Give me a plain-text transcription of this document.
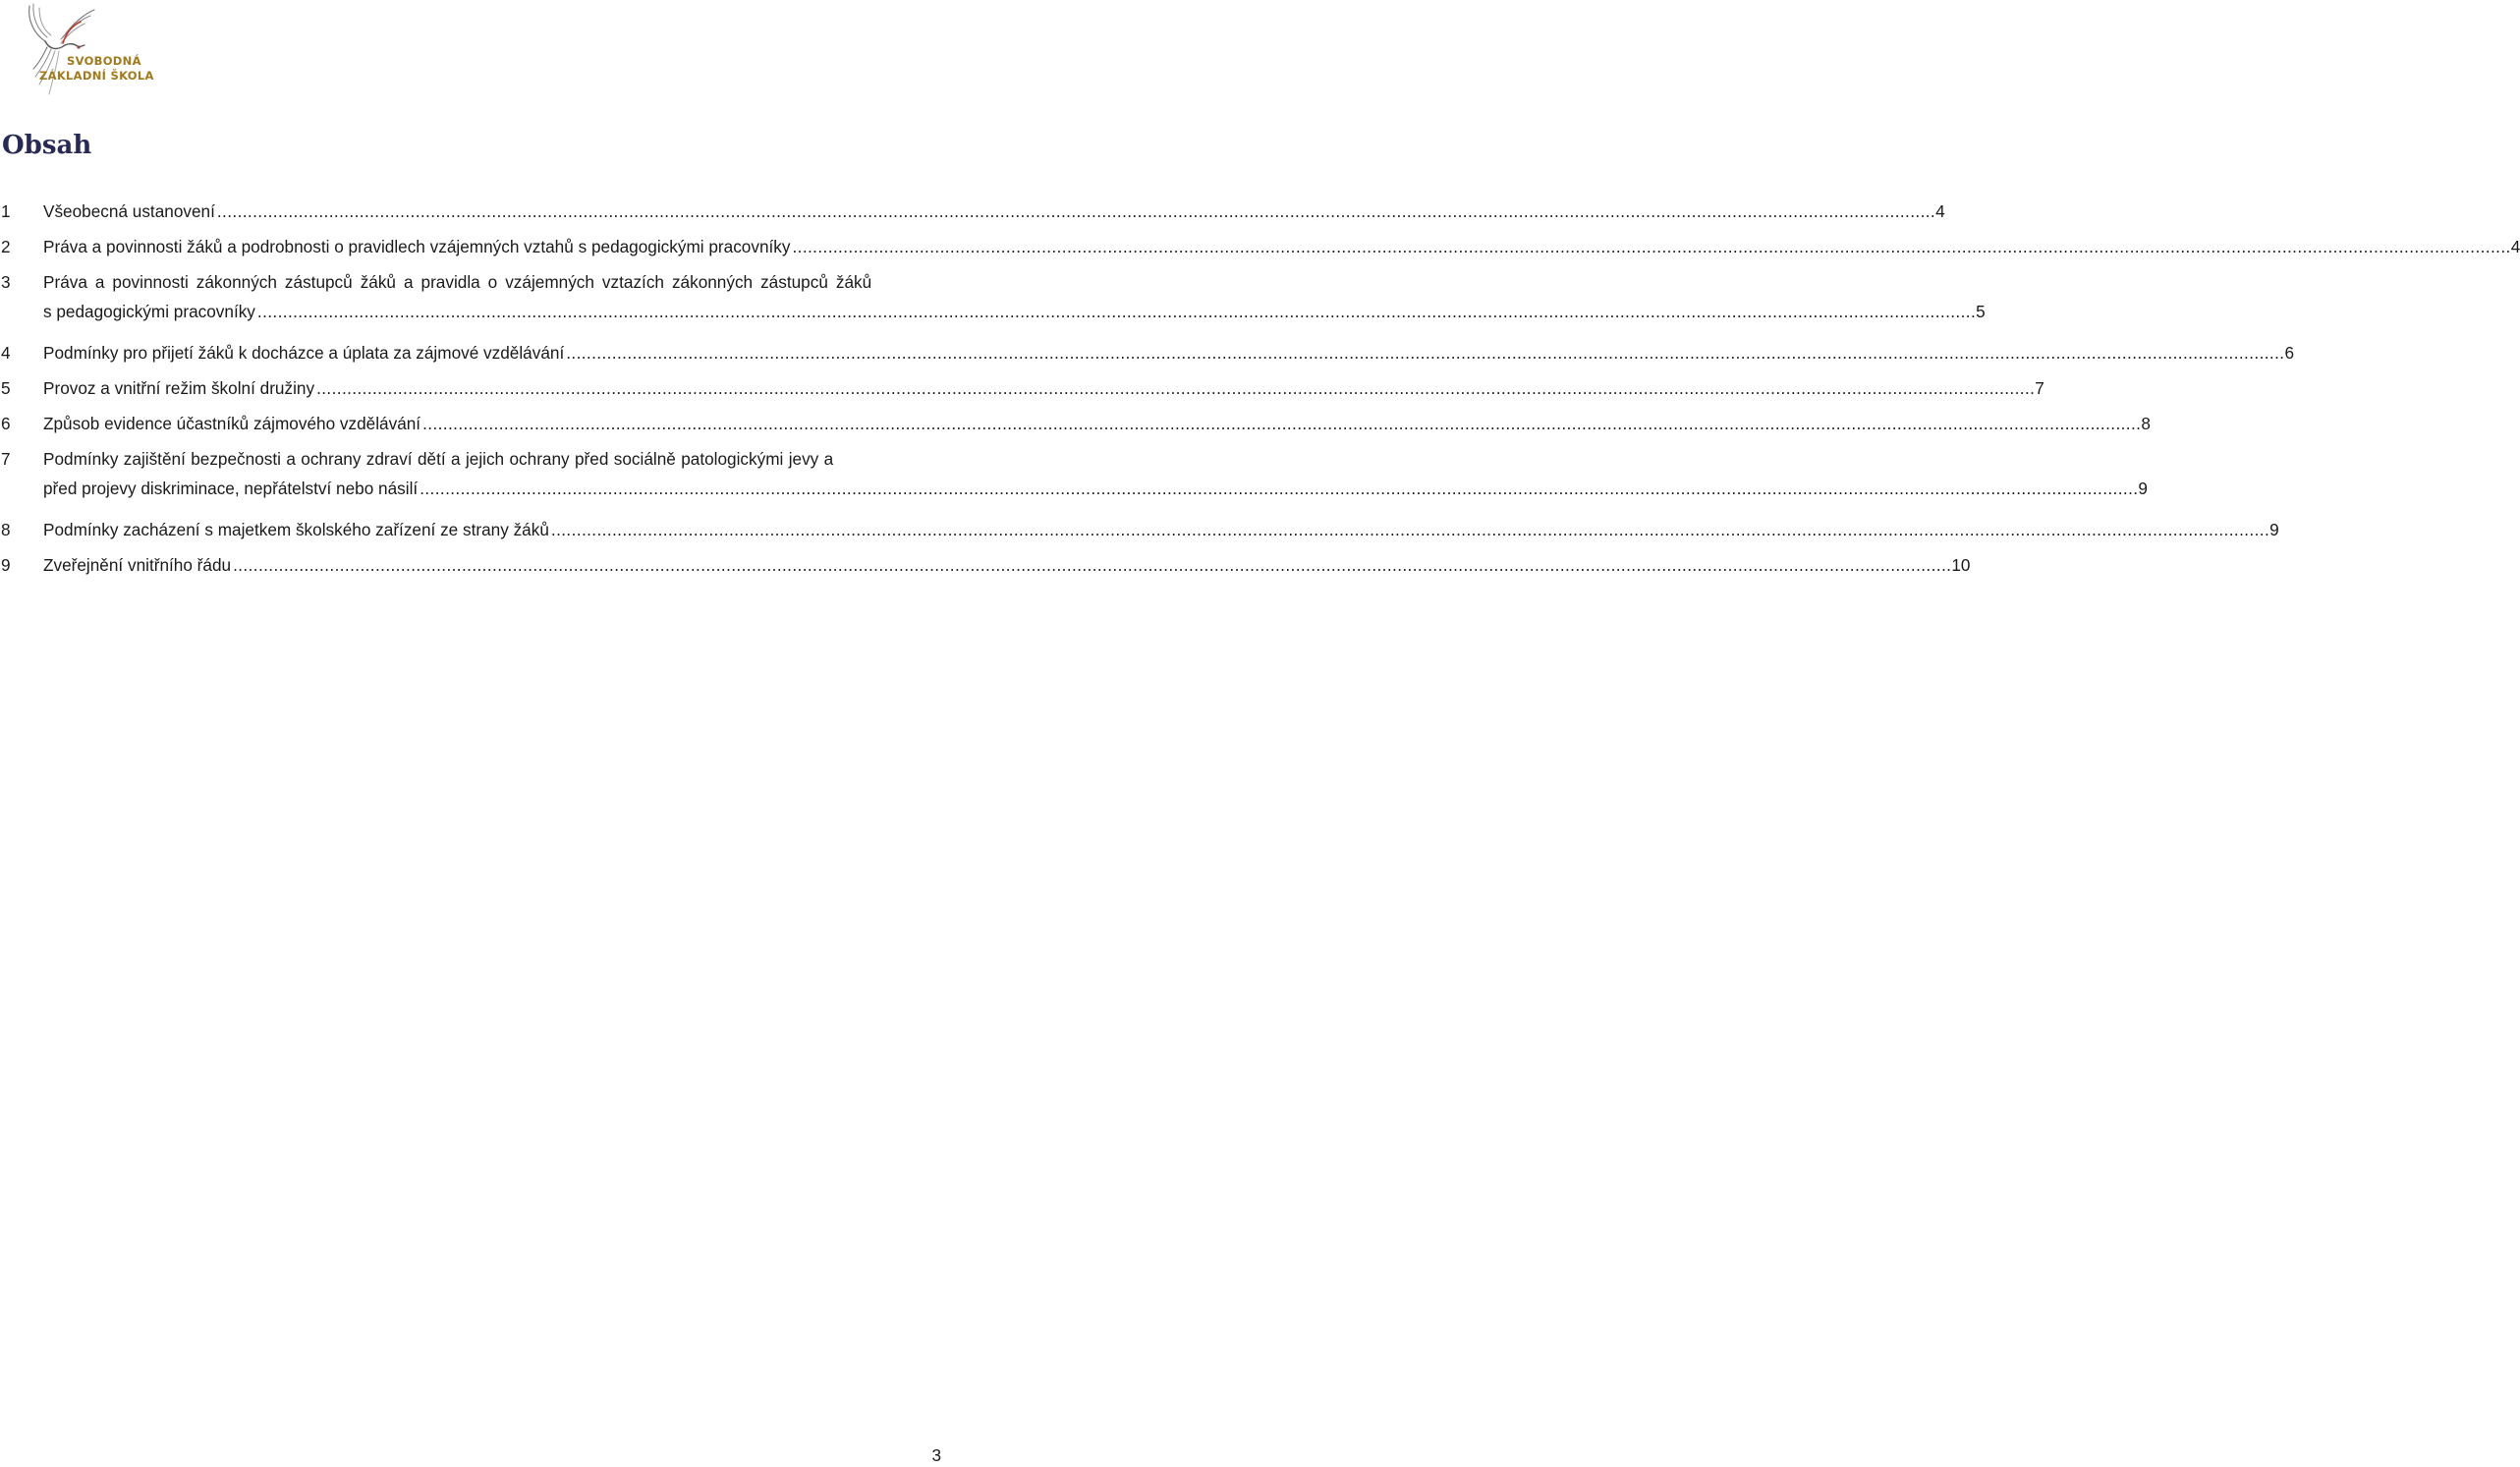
SVOBODNÁ
ZÁKLADNÍ ŠKOLA
Obsah
1 Všeobecná ustanovení .....	4
2 Práva a povinnosti žáků a podrobnosti o pravidlech vzájemných vztahů s pedagogickými pracovníky .....	4
3 Práva a povinnosti zákonných zástupců žáků a pravidla o vzájemných vztazích zákonných zástupců žáků
s pedagogickými pracovníky .....	5
4 Podmínky pro přijetí žáků k docházce a úplata za zájmové vzdělávání .....	6
5 Provoz a vnitřní režim školní družiny .....	7
6 Způsob evidence účastníků zájmového vzdělávání .....	8
7 Podmínky zajištění bezpečnosti a ochrany zdraví dětí a jejich ochrany před sociálně patologickými jevy a
před projevy diskriminace, nepřátelství nebo násilí .....	9
8 Podmínky zacházení s majetkem školského zařízení ze strany žáků .....	9
9 Zveřejnění vnitřního řádu .....	10
3
